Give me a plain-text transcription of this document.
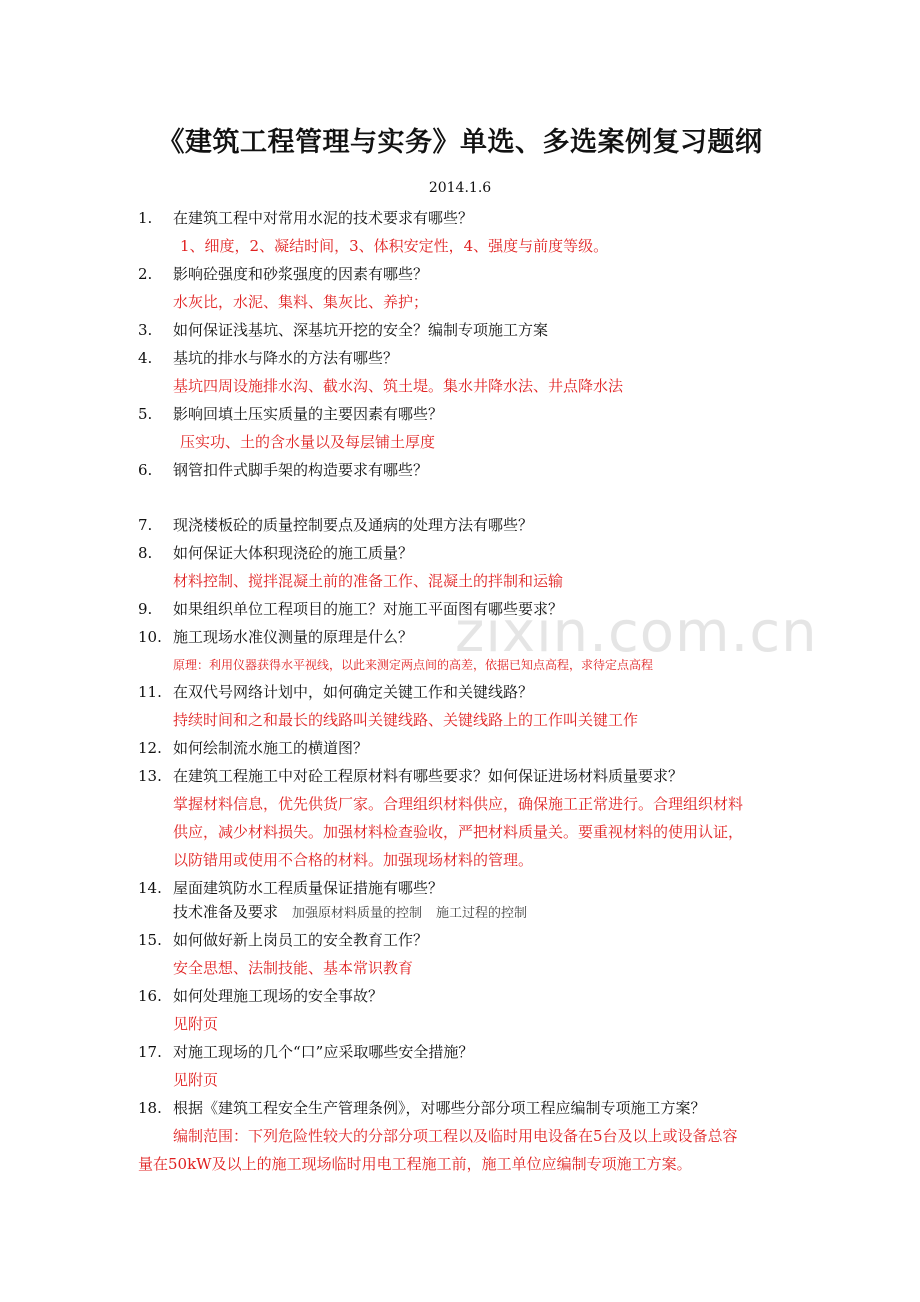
《建筑工程管理与实务》单选、多选案例复习题纲
2014.1.6
zixin.com.cn
1.	在建筑工程中对常用水泥的技术要求有哪些？
1、细度，2、凝结时间，3、体积安定性，4、强度与前度等级。
2.	影响砼强度和砂浆强度的因素有哪些？
水灰比，水泥、集料、集灰比、养护；
3.	如何保证浅基坑、深基坑开挖的安全？编制专项施工方案
4.	基坑的排水与降水的方法有哪些？
基坑四周设施排水沟、截水沟、筑土堤。集水井降水法、井点降水法
5.	影响回填土压实质量的主要因素有哪些？
压实功、土的含水量以及每层铺土厚度
6.	钢管扣件式脚手架的构造要求有哪些？
7.	现浇楼板砼的质量控制要点及通病的处理方法有哪些？
8.	如何保证大体积现浇砼的施工质量？
材料控制、搅拌混凝土前的准备工作、混凝土的拌制和运输
9.	如果组织单位工程项目的施工？对施工平面图有哪些要求？
10. 施工现场水准仪测量的原理是什么？
原理：利用仪器获得水平视线，以此来测定两点间的高差，依据已知点高程，求待定点高程
11. 在双代号网络计划中，如何确定关键工作和关键线路？
持续时间和之和最长的线路叫关键线路、关键线路上的工作叫关键工作
12. 如何绘制流水施工的横道图？
13. 在建筑工程施工中对砼工程原材料有哪些要求？如何保证进场材料质量要求？
掌握材料信息，优先供货厂家。合理组织材料供应，确保施工正常进行。合理组织材料
供应，减少材料损失。加强材料检查验收，严把材料质量关。要重视材料的使用认证，
以防错用或使用不合格的材料。加强现场材料的管理。
14. 屋面建筑防水工程质量保证措施有哪些？
技术准备及要求 加强原材料质量的控制 施工过程的控制
15. 如何做好新上岗员工的安全教育工作？
安全思想、法制技能、基本常识教育
16. 如何处理施工现场的安全事故？
见附页
17. 对施工现场的几个“口”应采取哪些安全措施？
见附页
18. 根据《建筑工程安全生产管理条例》，对哪些分部分项工程应编制专项施工方案？
编制范围：下列危险性较大的分部分项工程以及临时用电设备在5台及以上或设备总容
量在50kW及以上的施工现场临时用电工程施工前，施工单位应编制专项施工方案。
